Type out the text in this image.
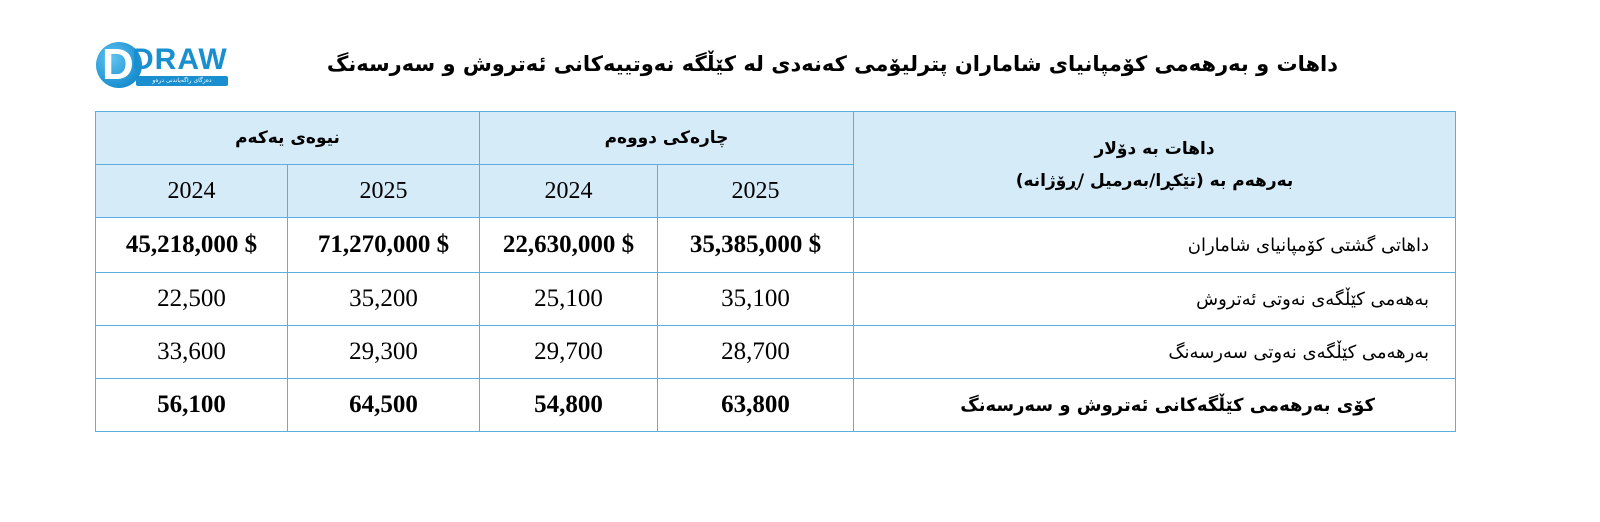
D
DRAW
دەزگای راگەیاندنی درەو
داهات و بەرهەمی کۆمپانیای شاماران پترلیۆمی کەنەدی لە کێڵگە نەوتییەکانی ئەتروش و سەرسەنگ
داهات بە دۆلار
بەرهەم بە (تێکڕا/بەرمیل /ڕۆژانە)	چارەکی دووەم		نیوەی یەکەم	
	2025	2024	2025	2024
داهاتی گشتی کۆمپانیای شاماران	$ 35,385,000	$ 22,630,000	$ 71,270,000	$ 45,218,000
بەهەمی کێڵگەی نەوتی ئەتروش	35,100	25,100	35,200	22,500
بەرهەمی کێڵگەی نەوتی سەرسەنگ	28,700	29,700	29,300	33,600
کۆی بەرهەمی کێڵگەکانی ئەتروش و سەرسەنگ	63,800	54,800	64,500	56,100
